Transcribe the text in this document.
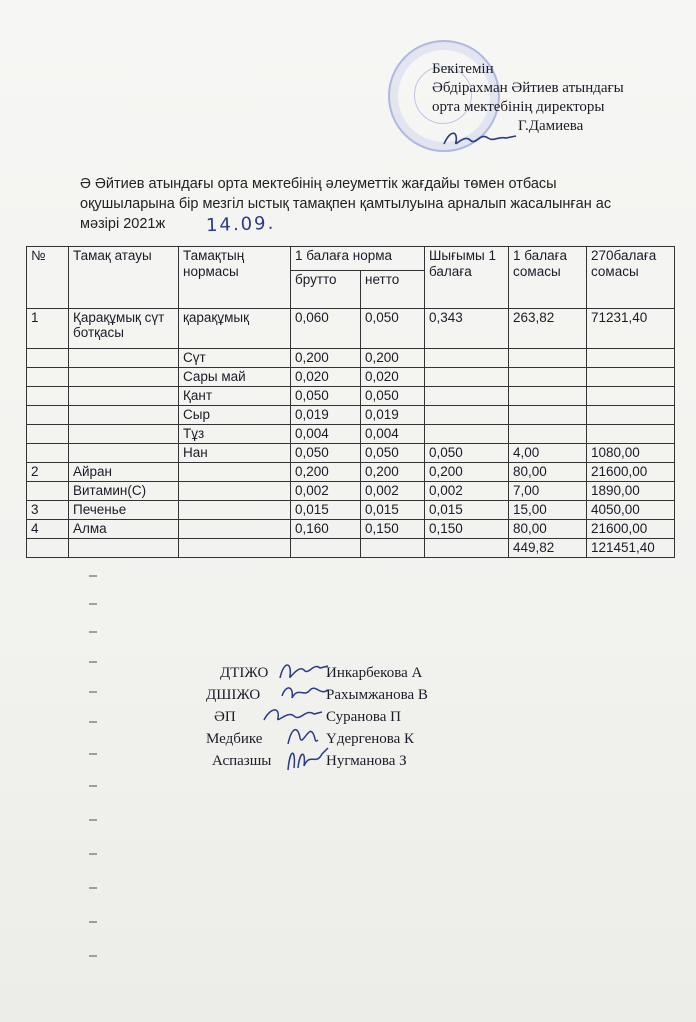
Бекітемін
Әбдірахман Әйтиев атындағы
орта мектебінің директоры
Г.Дамиева
Ә Әйтиев атындағы орта мектебінің әлеуметтік жағдайы төмен отбасы
оқушыларына бір мезгіл ыстық тамақпен қамтылуына арналып жасалынған ас
мәзірі 2021ж	14.09.
№	Тамақ атауы	Тамақтың нормасы	1 балаға норма		Шығымы 1 балаға	1 балаға сомасы	270балаға сомасы
			брутто	нетто			
1	Қарақұмық сүт ботқасы	қарақұмық	0,060	0,050	0,343	263,82	71231,40
		Сүт	0,200	0,200			
		Сары май	0,020	0,020			
		Қант	0,050	0,050			
		Сыр	0,019	0,019			
		Тұз	0,004	0,004			
		Нан	0,050	0,050	0,050	4,00	1080,00
2	Айран		0,200	0,200	0,200	80,00	21600,00
	Витамин(С)		0,002	0,002	0,002	7,00	1890,00
3	Печенье		0,015	0,015	0,015	15,00	4050,00
4	Алма		0,160	0,150	0,150	80,00	21600,00
						449,82	121451,40
ДТІЖО	Инкарбекова А
ДШІЖО	Рахымжанова В
ӘП	Суранова П
Медбике	Үдергенова К
Аспазшы	Нугманова З
